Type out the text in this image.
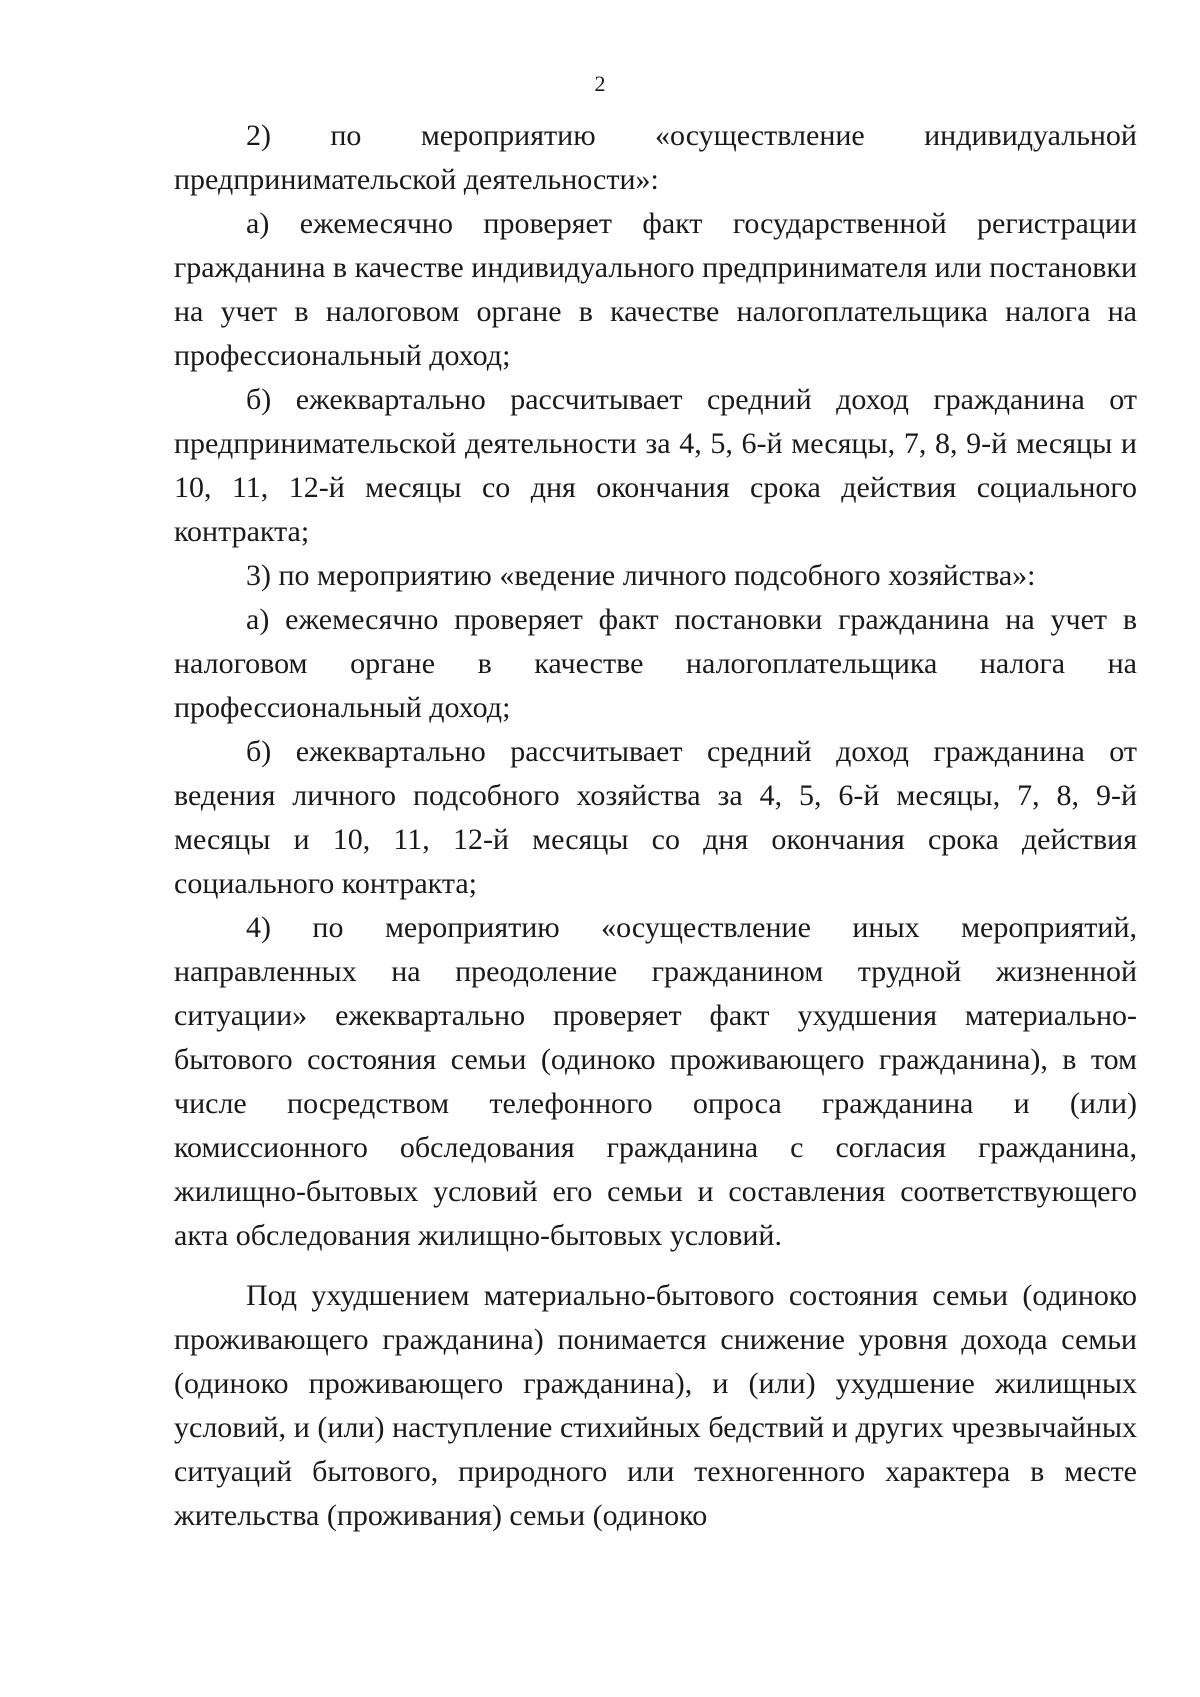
2

2) по мероприятию «осуществление индивидуальной предпринимательской деятельности»:

а) ежемесячно проверяет факт государственной регистрации гражданина в качестве индивидуального предпринимателя или постановки на учет в налоговом органе в качестве налогоплательщика налога на профессиональный доход;

б) ежеквартально рассчитывает средний доход гражданина от предпринимательской деятельности за 4, 5, 6-й месяцы, 7, 8, 9-й месяцы и 10, 11, 12-й месяцы со дня окончания срока действия социального контракта;

3) по мероприятию «ведение личного подсобного хозяйства»:

а) ежемесячно проверяет факт постановки гражданина на учет в налоговом органе в качестве налогоплательщика налога на профессиональный доход;

б) ежеквартально рассчитывает средний доход гражданина от ведения личного подсобного хозяйства за 4, 5, 6-й месяцы, 7, 8, 9-й месяцы и 10, 11, 12-й месяцы со дня окончания срока действия социального контракта;

4) по мероприятию «осуществление иных мероприятий, направленных на преодоление гражданином трудной жизненной ситуации» ежеквартально проверяет факт ухудшения материально-бытового состояния семьи (одиноко проживающего гражданина), в том числе посредством телефонного опроса гражданина и (или) комиссионного обследования гражданина с согласия гражданина, жилищно-бытовых условий его семьи и составления соответствующего акта обследования жилищно-бытовых условий.

Под ухудшением материально-бытового состояния семьи (одиноко проживающего гражданина) понимается снижение уровня дохода семьи (одиноко проживающего гражданина), и (или) ухудшение жилищных условий, и (или) наступление стихийных бедствий и других чрезвычайных ситуаций бытового, природного или техногенного характера в месте жительства (проживания) семьи (одиноко
